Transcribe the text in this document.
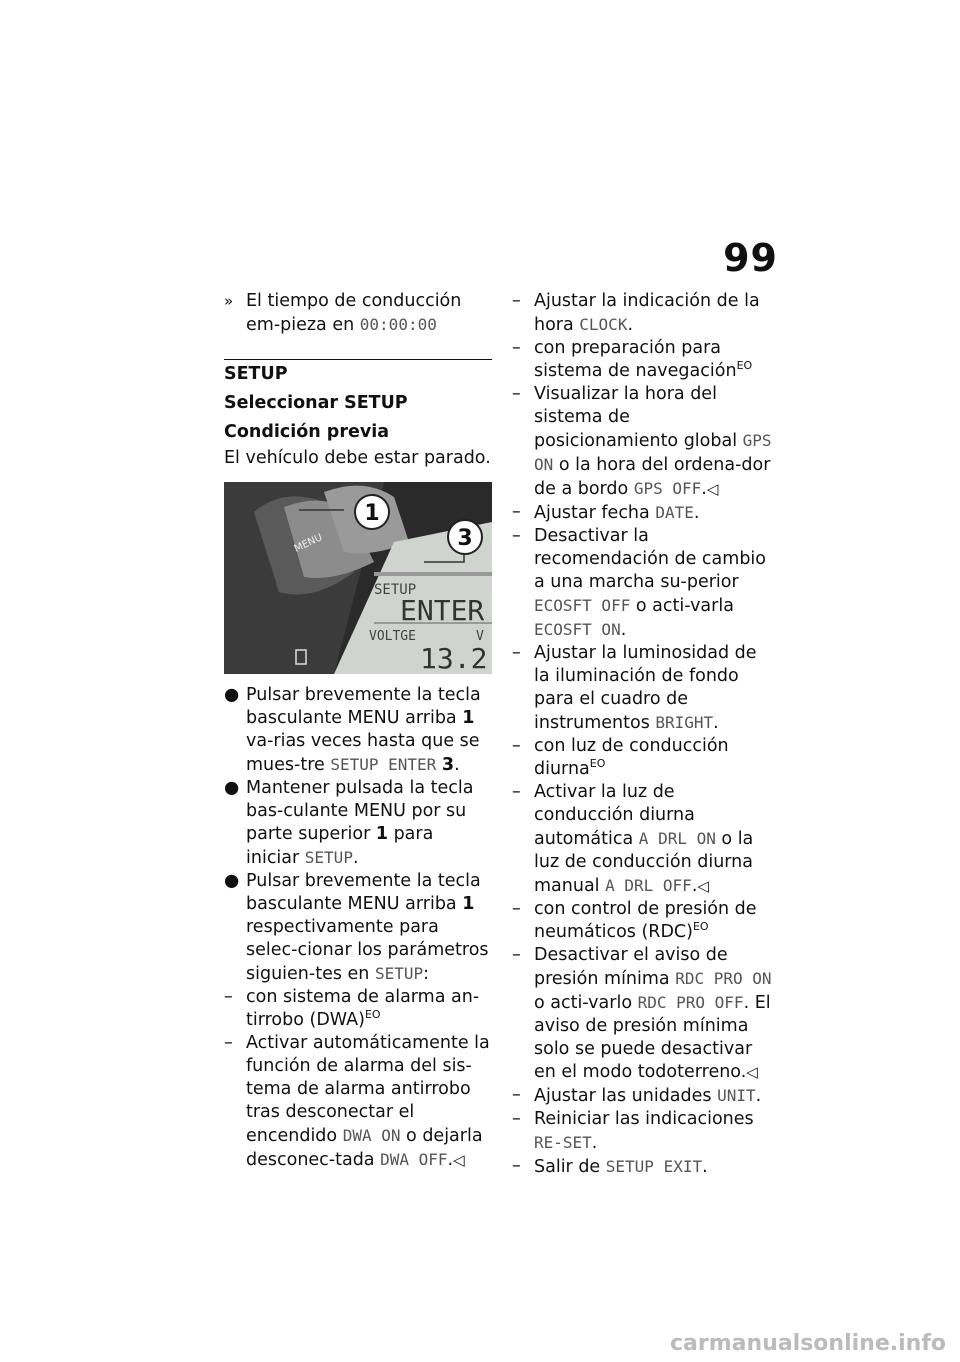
99
» El tiempo de conducción em-pieza en 00:00:00
SETUP
Seleccionar SETUP
Condición previa
El vehículo debe estar parado.
1
3
MENU
SETUP
ENTER
VOLTGE	V
13.2
● Pulsar brevemente la tecla basculante MENU arriba 1 va-rias veces hasta que se mues-tre SETUP ENTER 3.
● Mantener pulsada la tecla bas-culante MENU por su parte superior 1 para iniciar SETUP.
● Pulsar brevemente la tecla basculante MENU arriba 1 respectivamente para selec-cionar los parámetros siguien-tes en SETUP:
– con sistema de alarma an-tirrobo (DWA)$^{EO}$
– Activar automáticamente la función de alarma del sis-tema de alarma antirrobo tras desconectar el encendido DWA ON o dejarla desconec-tada DWA OFF.◁
– Ajustar la indicación de la hora CLOCK.
– con preparación para sistema de navegación$^{EO}$
– Visualizar la hora del sistema de posicionamiento global GPS ON o la hora del ordena-dor de a bordo GPS OFF.◁
– Ajustar fecha DATE.
– Desactivar la recomendación de cambio a una marcha su-perior ECOSFT OFF o acti-varla ECOSFT ON.
– Ajustar la luminosidad de la iluminación de fondo para el cuadro de instrumentos BRIGHT.
– con luz de conducción diurna$^{EO}$
– Activar la luz de conducción diurna automática A DRL ON o la luz de conducción diurna manual A DRL OFF.◁
– con control de presión de neumáticos (RDC)$^{EO}$
– Desactivar el aviso de presión mínima RDC PRO ON o acti-varlo RDC PRO OFF. El aviso de presión mínima solo se puede desactivar en el modo todoterreno.◁
– Ajustar las unidades UNIT.
– Reiniciar las indicaciones RE-SET.
– Salir de SETUP EXIT.
carmanualsonline.info
